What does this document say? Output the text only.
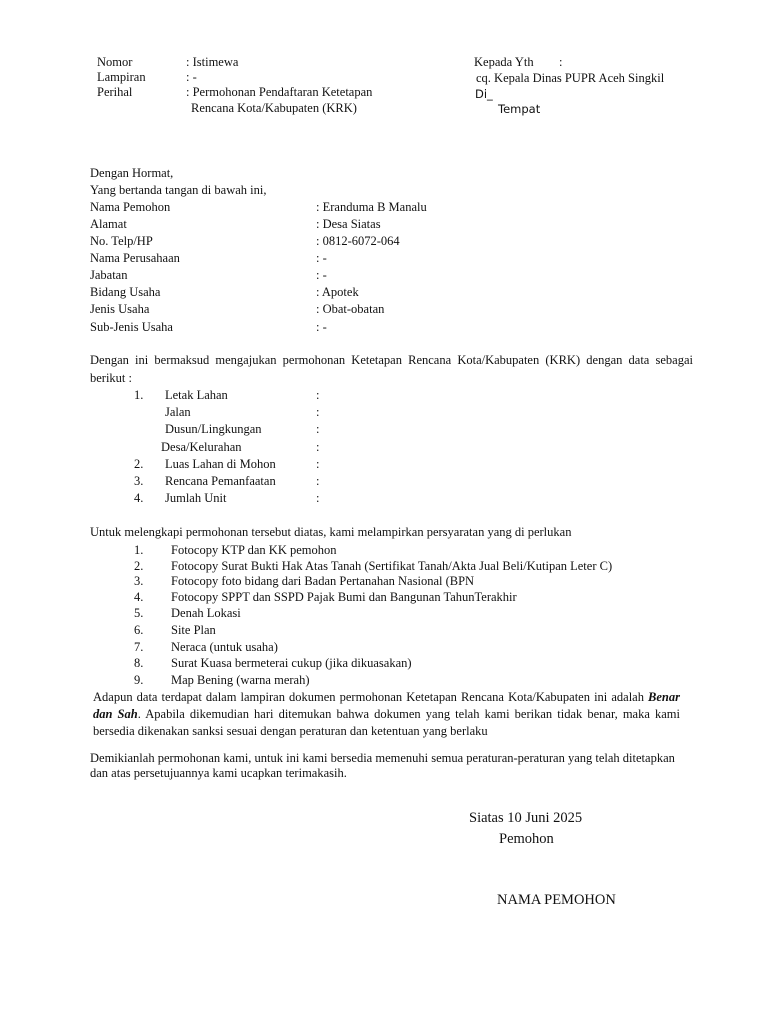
Nomor	: Istimewa
Lampiran	: -
Perihal	: Permohonan Pendaftaran Ketetapan
Rencana Kota/Kabupaten (KRK)
Kepada Yth :
cq. Kepala Dinas PUPR Aceh Singkil
Di_
Tempat
Dengan Hormat,
Yang bertanda tangan di bawah ini,
Nama Pemohon	: Eranduma B Manalu
Alamat	: Desa Siatas
No. Telp/HP	: 0812-6072-064
Nama Perusahaan	: -
Jabatan	: -
Bidang Usaha	: Apotek
Jenis Usaha	: Obat-obatan
Sub-Jenis Usaha	: -
Dengan ini bermaksud mengajukan permohonan Ketetapan Rencana Kota/Kabupaten (KRK) dengan data sebagai
berikut :
1. Letak Lahan	:
Jalan	:
Dusun/Lingkungan	:
Desa/Kelurahan	:
2. Luas Lahan di Mohon	:
3. Rencana Pemanfaatan	:
4. Jumlah Unit	:
Untuk melengkapi permohonan tersebut diatas, kami melampirkan persyaratan yang di perlukan
1. Fotocopy KTP dan KK pemohon
2. Fotocopy Surat Bukti Hak Atas Tanah (Sertifikat Tanah/Akta Jual Beli/Kutipan Leter C)
3. Fotocopy foto bidang dari Badan Pertanahan Nasional (BPN
4. Fotocopy SPPT dan SSPD Pajak Bumi dan Bangunan TahunTerakhir
5. Denah Lokasi
6. Site Plan
7. Neraca (untuk usaha)
8. Surat Kuasa bermeterai cukup (jika dikuasakan)
9. Map Bening (warna merah)
Adapun data terdapat dalam lampiran dokumen permohonan Ketetapan Rencana Kota/Kabupaten ini adalah Benar dan Sah. Apabila dikemudian hari ditemukan bahwa dokumen yang telah kami berikan tidak benar, maka kami bersedia dikenakan sanksi sesuai dengan peraturan dan ketentuan yang berlaku
Demikianlah permohonan kami, untuk ini kami bersedia memenuhi semua peraturan-peraturan yang telah ditetapkan
dan atas persetujuannya kami ucapkan terimakasih.
Siatas 10 Juni 2025
Pemohon
NAMA PEMOHON
